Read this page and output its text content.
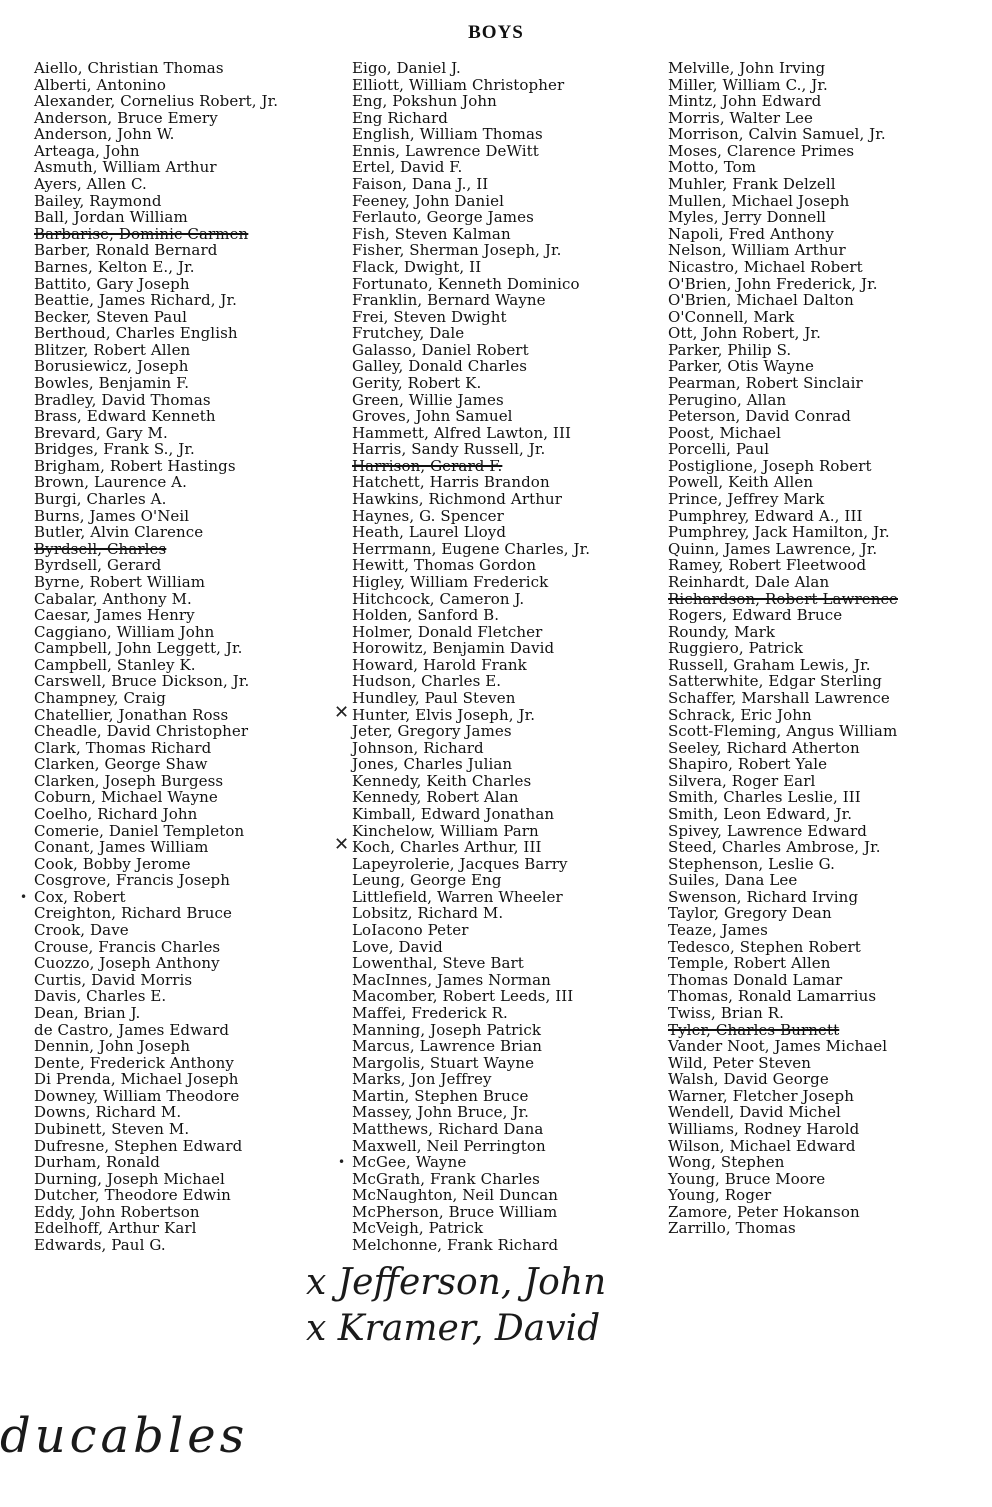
BOYS
Aiello, Christian Thomas
Alberti, Antonino
Alexander, Cornelius Robert, Jr.
Anderson, Bruce Emery
Anderson, John W.
Arteaga, John
Asmuth, William Arthur
Ayers, Allen C.
Bailey, Raymond
Ball, Jordan William
Barbarise, Dominic Carmen
Barber, Ronald Bernard
Barnes, Kelton E., Jr.
Battito, Gary Joseph
Beattie, James Richard, Jr.
Becker, Steven Paul
Berthoud, Charles English
Blitzer, Robert Allen
Borusiewicz, Joseph
Bowles, Benjamin F.
Bradley, David Thomas
Brass, Edward Kenneth
Brevard, Gary M.
Bridges, Frank S., Jr.
Brigham, Robert Hastings
Brown, Laurence A.
Burgi, Charles A.
Burns, James O'Neil
Butler, Alvin Clarence
Byrdsell, Charles
Byrdsell, Gerard
Byrne, Robert William
Cabalar, Anthony M.
Caesar, James Henry
Caggiano, William John
Campbell, John Leggett, Jr.
Campbell, Stanley K.
Carswell, Bruce Dickson, Jr.
Champney, Craig
Chatellier, Jonathan Ross
Cheadle, David Christopher
Clark, Thomas Richard
Clarken, George Shaw
Clarken, Joseph Burgess
Coburn, Michael Wayne
Coelho, Richard John
Comerie, Daniel Templeton
Conant, James William
Cook, Bobby Jerome
Cosgrove, Francis Joseph
Cox, Robert
•
Creighton, Richard Bruce
Crook, Dave
Crouse, Francis Charles
Cuozzo, Joseph Anthony
Curtis, David Morris
Davis, Charles E.
Dean, Brian J.
de Castro, James Edward
Dennin, John Joseph
Dente, Frederick Anthony
Di Prenda, Michael Joseph
Downey, William Theodore
Downs, Richard M.
Dubinett, Steven M.
Dufresne, Stephen Edward
Durham, Ronald
Durning, Joseph Michael
Dutcher, Theodore Edwin
Eddy, John Robertson
Edelhoff, Arthur Karl
Edwards, Paul G.
Eigo, Daniel J.
Elliott, William Christopher
Eng, Pokshun John
Eng Richard
English, William Thomas
Ennis, Lawrence DeWitt
Ertel, David F.
Faison, Dana J., II
Feeney, John Daniel
Ferlauto, George James
Fish, Steven Kalman
Fisher, Sherman Joseph, Jr.
Flack, Dwight, II
Fortunato, Kenneth Dominico
Franklin, Bernard Wayne
Frei, Steven Dwight
Frutchey, Dale
Galasso, Daniel Robert
Galley, Donald Charles
Gerity, Robert K.
Green, Willie James
Groves, John Samuel
Hammett, Alfred Lawton, III
Harris, Sandy Russell, Jr.
Harrison, Gerard F.
Hatchett, Harris Brandon
Hawkins, Richmond Arthur
Haynes, G. Spencer
Heath, Laurel Lloyd
Herrmann, Eugene Charles, Jr.
Hewitt, Thomas Gordon
Higley, William Frederick
Hitchcock, Cameron J.
Holden, Sanford B.
Holmer, Donald Fletcher
Horowitz, Benjamin David
Howard, Harold Frank
Hudson, Charles E.
Hundley, Paul Steven
Hunter, Elvis Joseph, Jr.
✕
Jeter, Gregory James
Johnson, Richard
Jones, Charles Julian
Kennedy, Keith Charles
Kennedy, Robert Alan
Kimball, Edward Jonathan
Kinchelow, William Parn
Koch, Charles Arthur, III
✕
Lapeyrolerie, Jacques Barry
Leung, George Eng
Littlefield, Warren Wheeler
Lobsitz, Richard M.
LoIacono Peter
Love, David
Lowenthal, Steve Bart
MacInnes, James Norman
Macomber, Robert Leeds, III
Maffei, Frederick R.
Manning, Joseph Patrick
Marcus, Lawrence Brian
Margolis, Stuart Wayne
Marks, Jon Jeffrey
Martin, Stephen Bruce
Massey, John Bruce, Jr.
Matthews, Richard Dana
Maxwell, Neil Perrington
McGee, Wayne
•
McGrath, Frank Charles
McNaughton, Neil Duncan
McPherson, Bruce William
McVeigh, Patrick
Melchonne, Frank Richard
Melville, John Irving
Miller, William C., Jr.
Mintz, John Edward
Morris, Walter Lee
Morrison, Calvin Samuel, Jr.
Moses, Clarence Primes
Motto, Tom
Muhler, Frank Delzell
Mullen, Michael Joseph
Myles, Jerry Donnell
Napoli, Fred Anthony
Nelson, William Arthur
Nicastro, Michael Robert
O'Brien, John Frederick, Jr.
O'Brien, Michael Dalton
O'Connell, Mark
Ott, John Robert, Jr.
Parker, Philip S.
Parker, Otis Wayne
Pearman, Robert Sinclair
Perugino, Allan
Peterson, David Conrad
Poost, Michael
Porcelli, Paul
Postiglione, Joseph Robert
Powell, Keith Allen
Prince, Jeffrey Mark
Pumphrey, Edward A., III
Pumphrey, Jack Hamilton, Jr.
Quinn, James Lawrence, Jr.
Ramey, Robert Fleetwood
Reinhardt, Dale Alan
Richardson, Robert Lawrence
Rogers, Edward Bruce
Roundy, Mark
Ruggiero, Patrick
Russell, Graham Lewis, Jr.
Satterwhite, Edgar Sterling
Schaffer, Marshall Lawrence
Schrack, Eric John
Scott-Fleming, Angus William
Seeley, Richard Atherton
Shapiro, Robert Yale
Silvera, Roger Earl
Smith, Charles Leslie, III
Smith, Leon Edward, Jr.
Spivey, Lawrence Edward
Steed, Charles Ambrose, Jr.
Stephenson, Leslie G.
Suiles, Dana Lee
Swenson, Richard Irving
Taylor, Gregory Dean
Teaze, James
Tedesco, Stephen Robert
Temple, Robert Allen
Thomas Donald Lamar
Thomas, Ronald Lamarrius
Twiss, Brian R.
Tyler, Charles Burnett
Vander Noot, James Michael
Wild, Peter Steven
Walsh, David George
Warner, Fletcher Joseph
Wendell, David Michel
Williams, Rodney Harold
Wilson, Michael Edward
Wong, Stephen
Young, Bruce Moore
Young, Roger
Zamore, Peter Hokanson
Zarrillo, Thomas
x Jefferson, John
x Kramer, David
ducables
